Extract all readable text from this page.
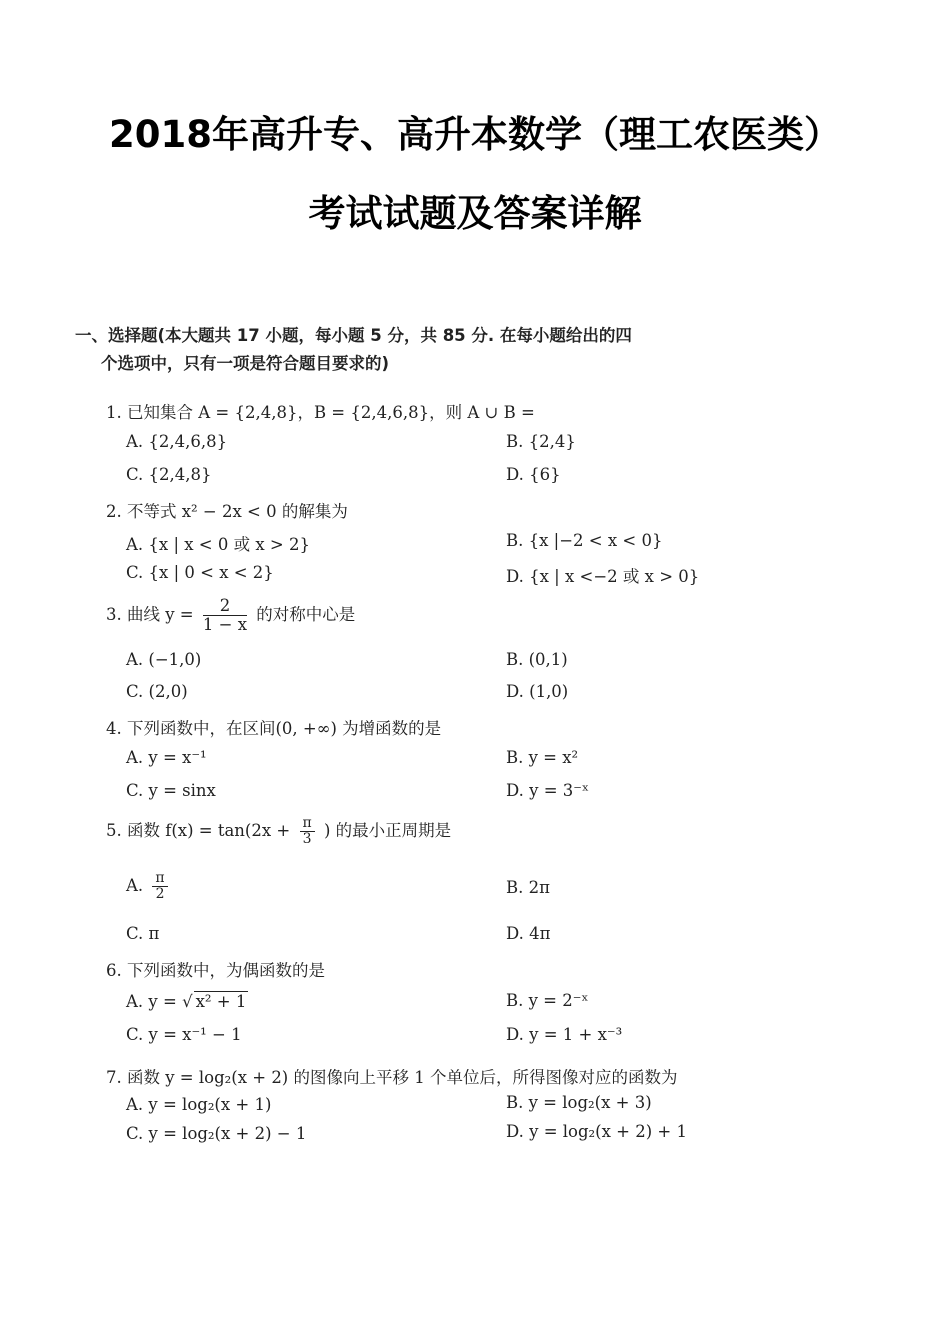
2018年高升专、高升本数学（理工农医类）
考试试题及答案详解
一、选择题(本大题共 17 小题，每小题 5 分，共 85 分. 在每小题给出的四
个选项中，只有一项是符合题目要求的)
1. 已知集合 A = {2,4,8}，B = {2,4,6,8}，则 A ∪ B =
A. {2,4,6,8}	B. {2,4}
C. {2,4,8}	D. {6}
2. 不等式 x² − 2x < 0 的解集为
A. {x | x < 0 或 x > 2}	B. {x |−2 < x < 0}
C. {x | 0 < x < 2}	D. {x | x <−2 或 x > 0}
3. 曲线 $y = \frac{2}{1 - x}$ 的对称中心是
A. (−1,0)	B. (0,1)
C. (2,0)	D. (1,0)
4. 下列函数中，在区间(0, +∞) 为增函数的是
A. y = x⁻¹	B. y = x²
C. y = sinx	D. y = 3⁻ˣ
5. 函数 $f(x) = \tan(2x + \frac{\pi}{3}$ ) 的最小正周期是
A. $\frac{\pi}{2}$	B. 2π
C. π	D. 4π
6. 下列函数中，为偶函数的是
A. y = √ x² + 1	B. y = 2⁻ˣ
C. y = x⁻¹ − 1	D. y = 1 + x⁻³
7. 函数 y = log₂(x + 2) 的图像向上平移 1 个单位后，所得图像对应的函数为
A. y = log₂(x + 1)	B. y = log₂(x + 3)
C. y = log₂(x + 2) − 1	D. y = log₂(x + 2) + 1
